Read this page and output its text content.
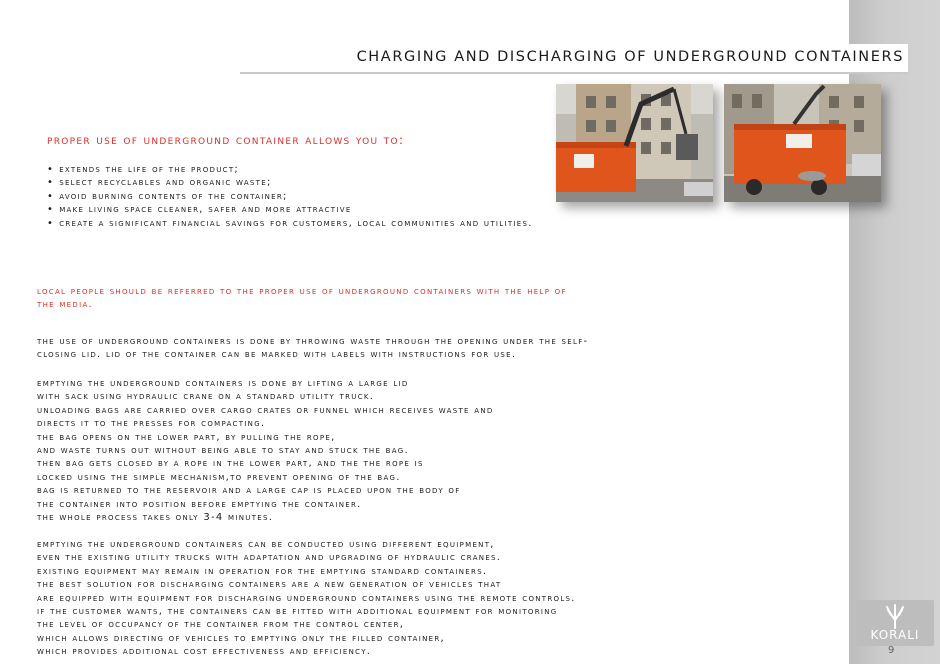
CHARGING AND DISCHARGING OF UNDERGROUND CONTAINERS
proper use of underground container allows you to:
• extends the life of the product;
• select recyclables and organic waste;
• avoid burning contents of the container;
• make living space cleaner, safer and more attractive
• create a significant financial savings for customers, local communities and utilities.
local people should be referred to the proper use of underground containers with the help of
the media.
the use of underground containers is done by throwing waste through the opening under the self-
closing lid. lid of the container can be marked with labels with instructions for use.
emptying the underground containers is done by lifting a large lid
with sack using hydraulic crane on a standard utility truck.
unloading bags are carried over cargo crates or funnel which receives waste and
directs it to the presses for compacting.
the bag opens on the lower part, by pulling the rope,
and waste turns out without being able to stay and stuck the bag.
then bag gets closed by a rope in the lower part, and the the rope is
locked using the simple mechanism,to prevent opening of the bag.
bag is returned to the reservoir and a large cap is placed upon the body of
the container into position before emptying the container.
the whole process takes only 3-4 minutes.
emptying the underground containers can be conducted using different equipment,
even the existing utility trucks with adaptation and upgrading of hydraulic cranes.
existing equipment may remain in operation for the emptying standard containers.
the best solution for discharging containers are a new generation of vehicles that
are equipped with equipment for discharging underground containers using the remote controls.
if the customer wants, the containers can be fitted with additional equipment for monitoring
the level of occupancy of the container from the control center,
which allows directing of vehicles to emptying only the filled container,
which provides additional cost effectiveness and efficiency.
KORALI
9
